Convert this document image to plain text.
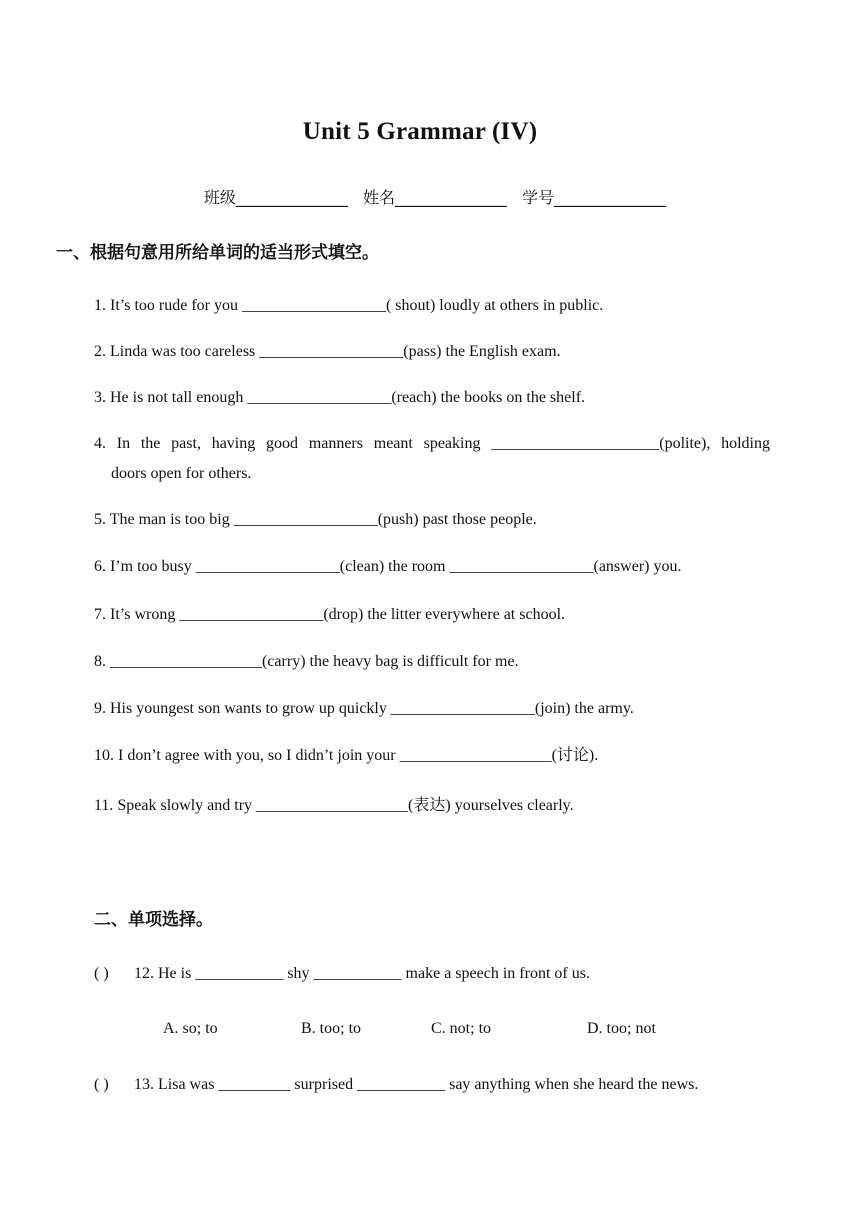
Unit 5 Grammar (IV)
班级______________ 姓名______________ 学号______________
一、根据句意用所给单词的适当形式填空。
1. It’s too rude for you __________________( shout) loudly at others in public.
2. Linda was too careless __________________(pass) the English exam.
3. He is not tall enough __________________(reach) the books on the shelf.
4. In the past, having good manners meant speaking _____________________(polite), holding
doors open for others.
5. The man is too big __________________(push) past those people.
6. I’m too busy __________________(clean) the room __________________(answer) you.
7. It’s wrong __________________(drop) the litter everywhere at school.
8. ___________________(carry) the heavy bag is difficult for me.
9. His youngest son wants to grow up quickly __________________(join) the army.
10. I don’t agree with you, so I didn’t join your ___________________(讨论).
11. Speak slowly and try ___________________(表达) yourselves clearly.
二、单项选择。
( ) 12. He is ___________ shy ___________ make a speech in front of us.
A. so; to	B. too; to	C. not; to	D. too; not
( ) 13. Lisa was _________ surprised ___________ say anything when she heard the news.
